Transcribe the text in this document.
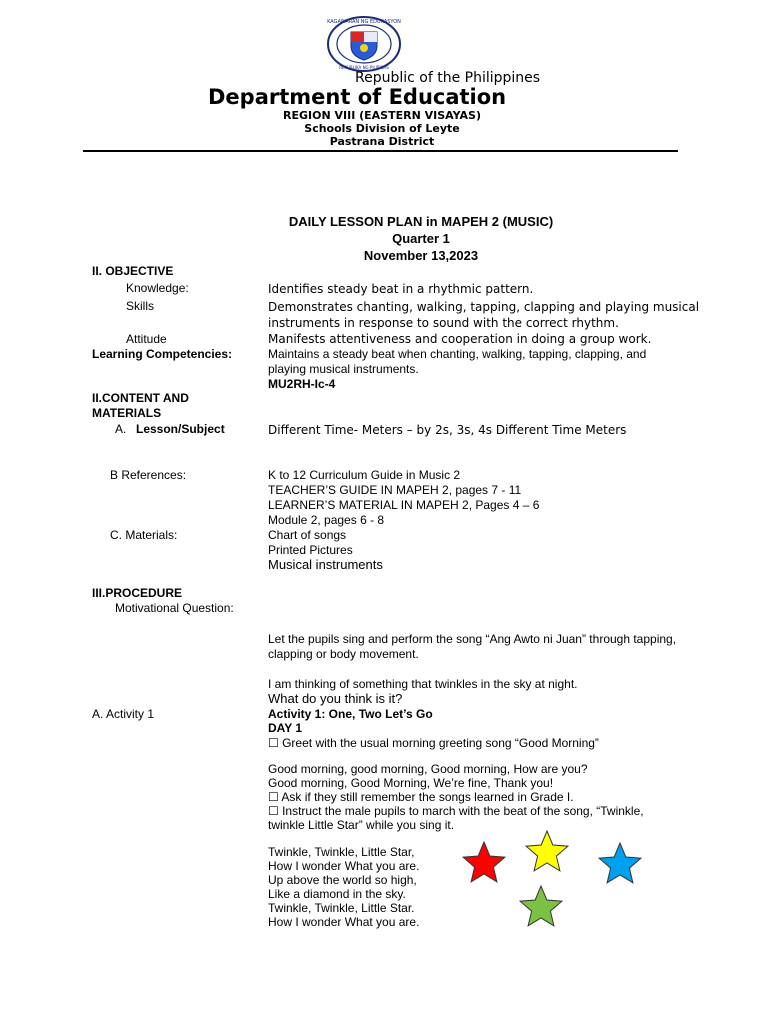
KAGAWARAN NG EDUKASYON
REPUBLIKA NG PILIPINAS
Republic of the Philippines
Department of Education
REGION VIII (EASTERN VISAYAS)
Schools Division of Leyte
Pastrana District
DAILY LESSON PLAN in MAPEH 2 (MUSIC)
Quarter 1
November 13,2023
II. OBJECTIVE
Knowledge:	Identifies steady beat in a rhythmic pattern.
Skills	Demonstrates chanting, walking, tapping, clapping and playing musical
instruments in response to sound with the correct rhythm.
Attitude	Manifests attentiveness and cooperation in doing a group work.
Learning Competencies:	Maintains a steady beat when chanting, walking, tapping, clapping, and
playing musical instruments.
MU2RH-Ic-4
II.CONTENT AND
MATERIALS
A. Lesson/Subject	Different Time- Meters – by 2s, 3s, 4s Different Time Meters
B References:	K to 12 Curriculum Guide in Music 2
TEACHER’S GUIDE IN MAPEH 2, pages 7 - 11
LEARNER’S MATERIAL IN MAPEH 2, Pages 4 – 6
Module 2, pages 6 - 8
C. Materials:	Chart of songs
Printed Pictures
Musical instruments
III.PROCEDURE
Motivational Question:
Let the pupils sing and perform the song “Ang Awto ni Juan” through tapping,
clapping or body movement.
I am thinking of something that twinkles in the sky at night.
What do you think is it?
A. Activity 1	Activity 1: One, Two Let’s Go
DAY 1
☐ Greet with the usual morning greeting song “Good Morning”
Good morning, good morning, Good morning, How are you?
Good morning, Good Morning, We’re fine, Thank you!
☐ Ask if they still remember the songs learned in Grade I.
☐ Instruct the male pupils to march with the beat of the song, “Twinkle,
twinkle Little Star” while you sing it.
Twinkle, Twinkle, Little Star,
How I wonder What you are.
Up above the world so high,
Like a diamond in the sky.
Twinkle, Twinkle, Little Star.
How I wonder What you are.
